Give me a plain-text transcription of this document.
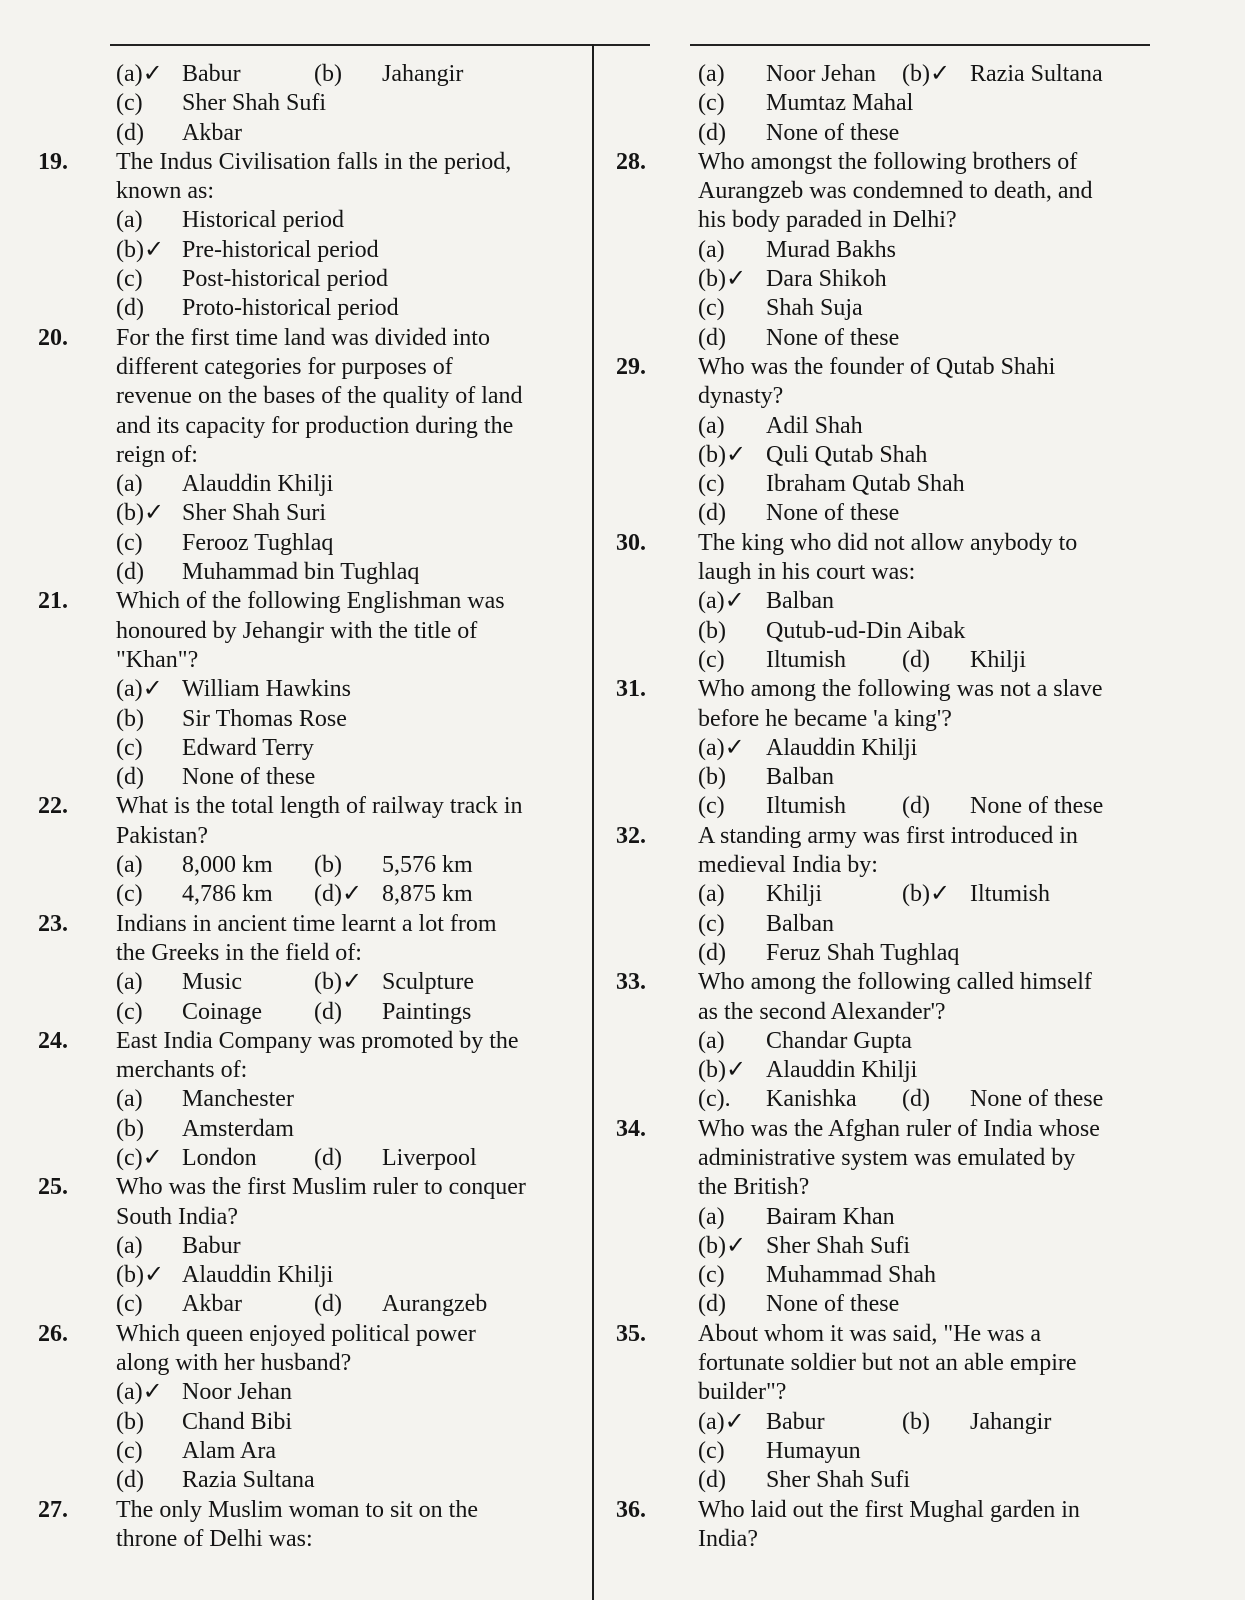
(a)✓ Babur	(b)	Jahangir
(c)	Sher Shah Sufi
(d)	Akbar
19.	The Indus Civilisation falls in the period,
known as:
(a)	Historical period
(b)✓ Pre-historical period
(c)	Post-historical period
(d)	Proto-historical period
20.	For the first time land was divided into
different categories for purposes of
revenue on the bases of the quality of land
and its capacity for production during the
reign of:
(a)	Alauddin Khilji
(b)✓ Sher Shah Suri
(c)	Ferooz Tughlaq
(d)	Muhammad bin Tughlaq
21.	Which of the following Englishman was
honoured by Jehangir with the title of
"Khan"?
(a)✓ William Hawkins
(b)	Sir Thomas Rose
(c)	Edward Terry
(d)	None of these
22.	What is the total length of railway track in
Pakistan?
(a)	8,000 km (b)	5,576 km
(c)	4,786 km (d)✓ 8,875 km
23.	Indians in ancient time learnt a lot from
the Greeks in the field of:
(a)	Music	(b)✓ Sculpture
(c)	Coinage (d)	Paintings
24.	East India Company was promoted by the
merchants of:
(a)	Manchester
(b)	Amsterdam
(c)✓ London (d)	Liverpool
25.	Who was the first Muslim ruler to conquer
South India?
(a)	Babur
(b)✓ Alauddin Khilji
(c)	Akbar	(d)	Aurangzeb
26.	Which queen enjoyed political power
along with her husband?
(a)✓ Noor Jehan
(b)	Chand Bibi
(c)	Alam Ara
(d)	Razia Sultana
27.	The only Muslim woman to sit on the
throne of Delhi was:
(a)	Noor Jehan (b)✓ Razia Sultana
(c)	Mumtaz Mahal
(d)	None of these
28.	Who amongst the following brothers of
Aurangzeb was condemned to death, and
his body paraded in Delhi?
(a)	Murad Bakhs
(b)✓ Dara Shikoh
(c)	Shah Suja
(d)	None of these
29.	Who was the founder of Qutab Shahi
dynasty?
(a)	Adil Shah
(b)✓ Quli Qutab Shah
(c)	Ibraham Qutab Shah
(d)	None of these
30.	The king who did not allow anybody to
laugh in his court was:
(a)✓ Balban
(b)	Qutub-ud-Din Aibak
(c)	Iltumish (d)	Khilji
31.	Who among the following was not a slave
before he became 'a king'?
(a)✓ Alauddin Khilji
(b)	Balban
(c)	Iltumish (d)	None of these
32.	A standing army was first introduced in
medieval India by:
(a)	Khilji	(b)✓ Iltumish
(c)	Balban
(d)	Feruz Shah Tughlaq
33.	Who among the following called himself
as the second Alexander'?
(a)	Chandar Gupta
(b)✓ Alauddin Khilji
(c).	Kanishka (d)	None of these
34.	Who was the Afghan ruler of India whose
administrative system was emulated by
the British?
(a)	Bairam Khan
(b)✓ Sher Shah Sufi
(c)	Muhammad Shah
(d)	None of these
35.	About whom it was said, "He was a
fortunate soldier but not an able empire
builder"?
(a)✓ Babur	(b)	Jahangir
(c)	Humayun
(d)	Sher Shah Sufi
36.	Who laid out the first Mughal garden in
India?
